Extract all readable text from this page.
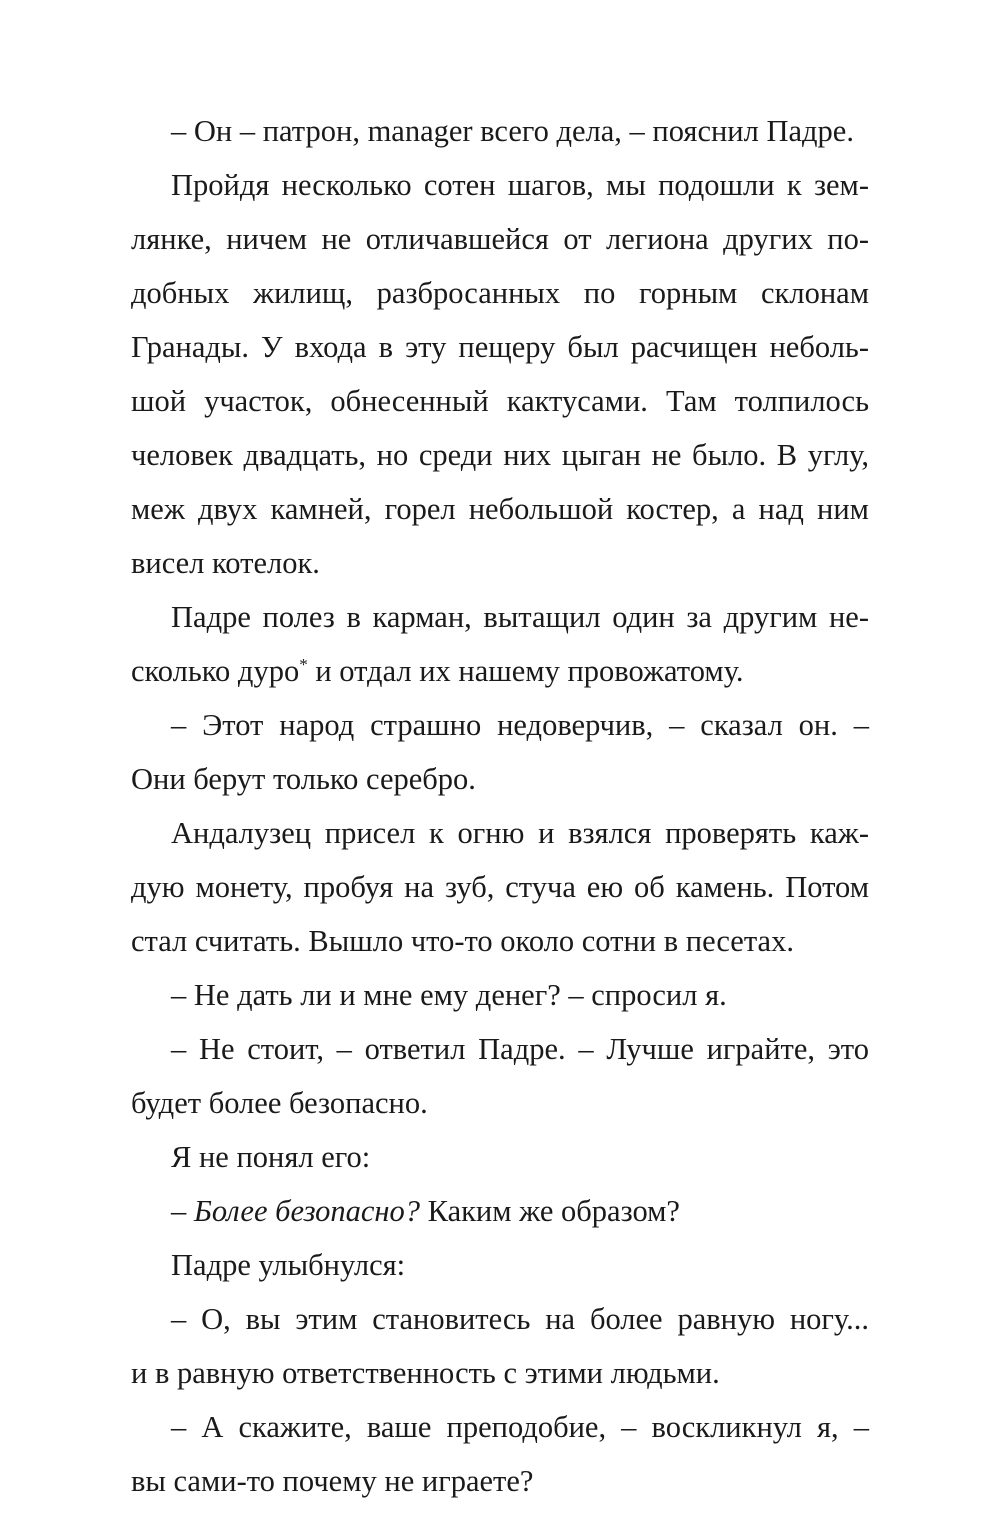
– Он – патрон, manager всего дела, – пояснил Падре.
Пройдя несколько сотен шагов, мы подошли к зем-
лянке, ничем не отличавшейся от легиона других по-
добных жилищ, разбросанных по горным склонам
Гранады. У входа в эту пещеру был расчищен неболь-
шой участок, обнесенный кактусами. Там толпилось
человек двадцать, но среди них цыган не было. В углу,
меж двух камней, горел небольшой костер, а над ним
висел котелок.
Падре полез в карман, вытащил один за другим не-
сколько дуро* и отдал их нашему провожатому.
– Этот народ страшно недоверчив, – сказал он. –
Они берут только серебро.
Андалузец присел к огню и взялся проверять каж-
дую монету, пробуя на зуб, стуча ею об камень. Потом
стал считать. Вышло что-то около сотни в песетах.
– Не дать ли и мне ему денег? – спросил я.
– Не стоит, – ответил Падре. – Лучше играйте, это
будет более безопасно.
Я не понял его:
– Более безопасно? Каким же образом?
Падре улыбнулся:
– О, вы этим становитесь на более равную ногу...
и в равную ответственность с этими людьми.
– А скажите, ваше преподобие, – воскликнул я, –
вы сами-то почему не играете?
